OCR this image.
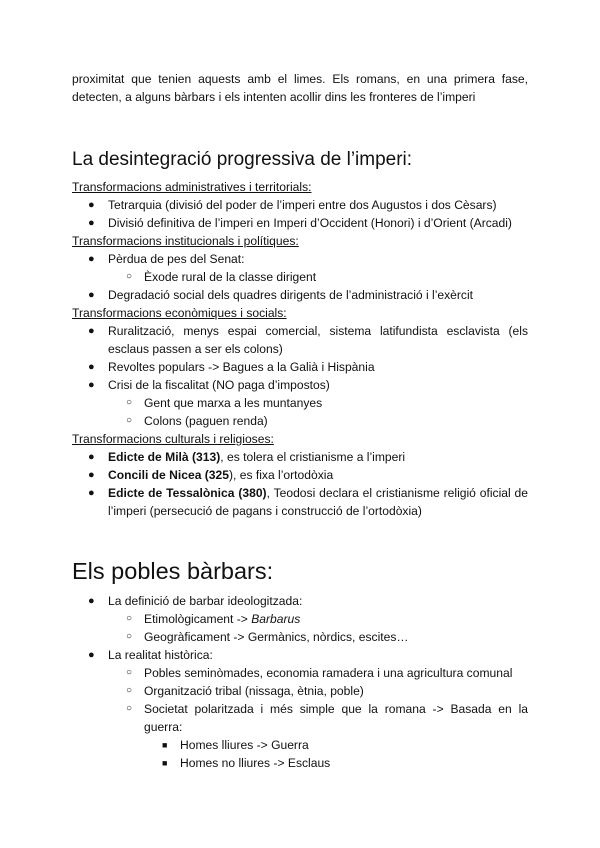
proximitat que tenien aquests amb el limes. Els romans, en una primera fase,
detecten, a alguns bàrbars i els intenten acollir dins les fronteres de l’imperi

La desintegració progressiva de l’imperi:

Transformacions administratives i territorials:

● Tetrarquia (divisió del poder de l’imperi entre dos Augustos i dos Cèsars)
● Divisió definitiva de l’imperi en Imperi d’Occident (Honori) i d’Orient (Arcadi)

Transformacions institucionals i polítiques:

● Pèrdua de pes del Senat:
○ Èxode rural de la classe dirigent
● Degradació social dels quadres dirigents de l’administració i l’exèrcit

Transformacions econòmiques i socials:

● Ruralització, menys espai comercial, sistema latifundista esclavista (els esclaus passen a ser els colons)
● Revoltes populars -> Bagues a la Galià i Hispània
● Crisi de la fiscalitat (NO paga d’impostos)
○ Gent que marxa a les muntanyes
○ Colons (paguen renda)

Transformacions culturals i religioses:

● Edicte de Milà (313), es tolera el cristianisme a l’imperi
● Concili de Nicea (325), es fixa l’ortodòxia
● Edicte de Tessalònica (380), Teodosi declara el cristianisme religió oficial de l’imperi (persecució de pagans i construcció de l’ortodòxia)
Els pobles bàrbars:
● La definició de barbar ideologitzada:
○ Etimològicament -> Barbarus
○ Geogràficament -> Germànics, nòrdics, escites…
● La realitat històrica:
○ Pobles seminòmades, economia ramadera i una agricultura comunal
○ Organització tribal (nissaga, ètnia, poble)
○ Societat polaritzada i més simple que la romana -> Basada en la guerra:
■ Homes lliures -> Guerra
■ Homes no lliures -> Esclaus
